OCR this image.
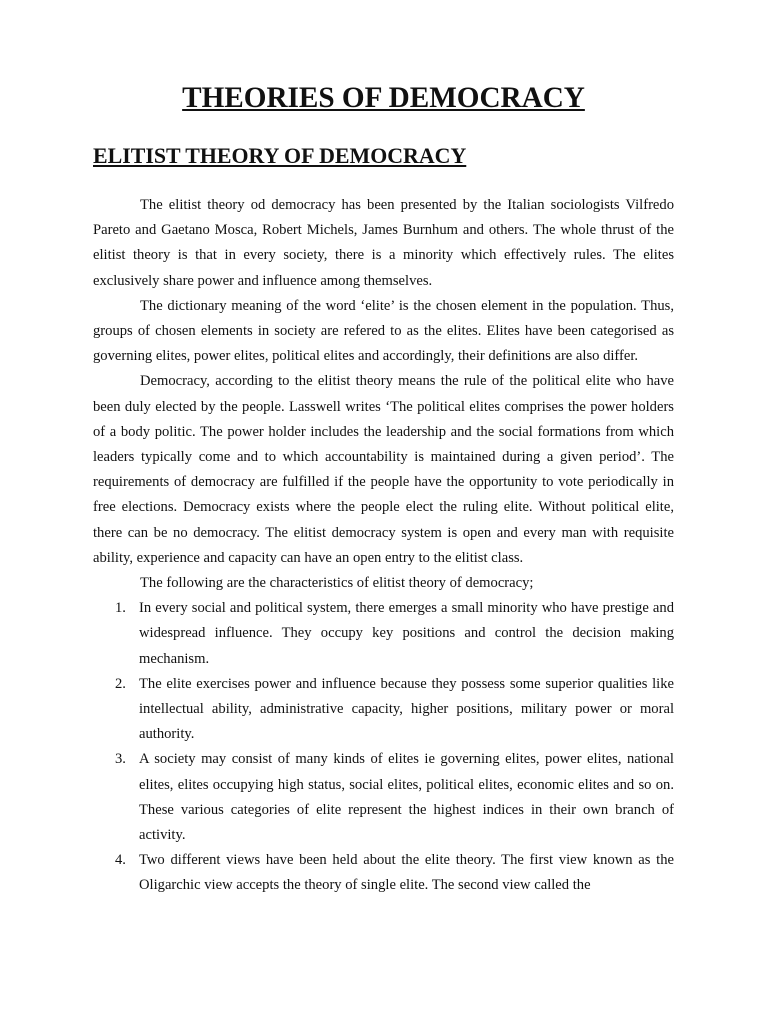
THEORIES OF DEMOCRACY
ELITIST THEORY OF DEMOCRACY

The elitist theory od democracy has been presented by the Italian sociologists Vilfredo Pareto and Gaetano Mosca, Robert Michels, James Burnhum and others. The whole thrust of the elitist theory is that in every society, there is a minority which effectively rules. The elites exclusively share power and influence among themselves.

The dictionary meaning of the word ‘elite’ is the chosen element in the population. Thus, groups of chosen elements in society are refered to as the elites. Elites have been categorised as governing elites, power elites, political elites and accordingly, their definitions are also differ.

Democracy, according to the elitist theory means the rule of the political elite who have been duly elected by the people. Lasswell writes ‘The political elites comprises the power holders of a body politic. The power holder includes the leadership and the social formations from which leaders typically come and to which accountability is maintained during a given period’. The requirements of democracy are fulfilled if the people have the opportunity to vote periodically in free elections. Democracy exists where the people elect the ruling elite. Without political elite, there can be no democracy. The elitist democracy system is open and every man with requisite ability, experience and capacity can have an open entry to the elitist class.

The following are the characteristics of elitist theory of democracy;

1. In every social and political system, there emerges a small minority who have prestige and widespread influence. They occupy key positions and control the decision making mechanism.
2. The elite exercises power and influence because they possess some superior qualities like intellectual ability, administrative capacity, higher positions, military power or moral authority.
3. A society may consist of many kinds of elites ie governing elites, power elites, national elites, elites occupying high status, social elites, political elites, economic elites and so on. These various categories of elite represent the highest indices in their own branch of activity.
4. Two different views have been held about the elite theory. The first view known as the Oligarchic view accepts the theory of single elite. The second view called the
